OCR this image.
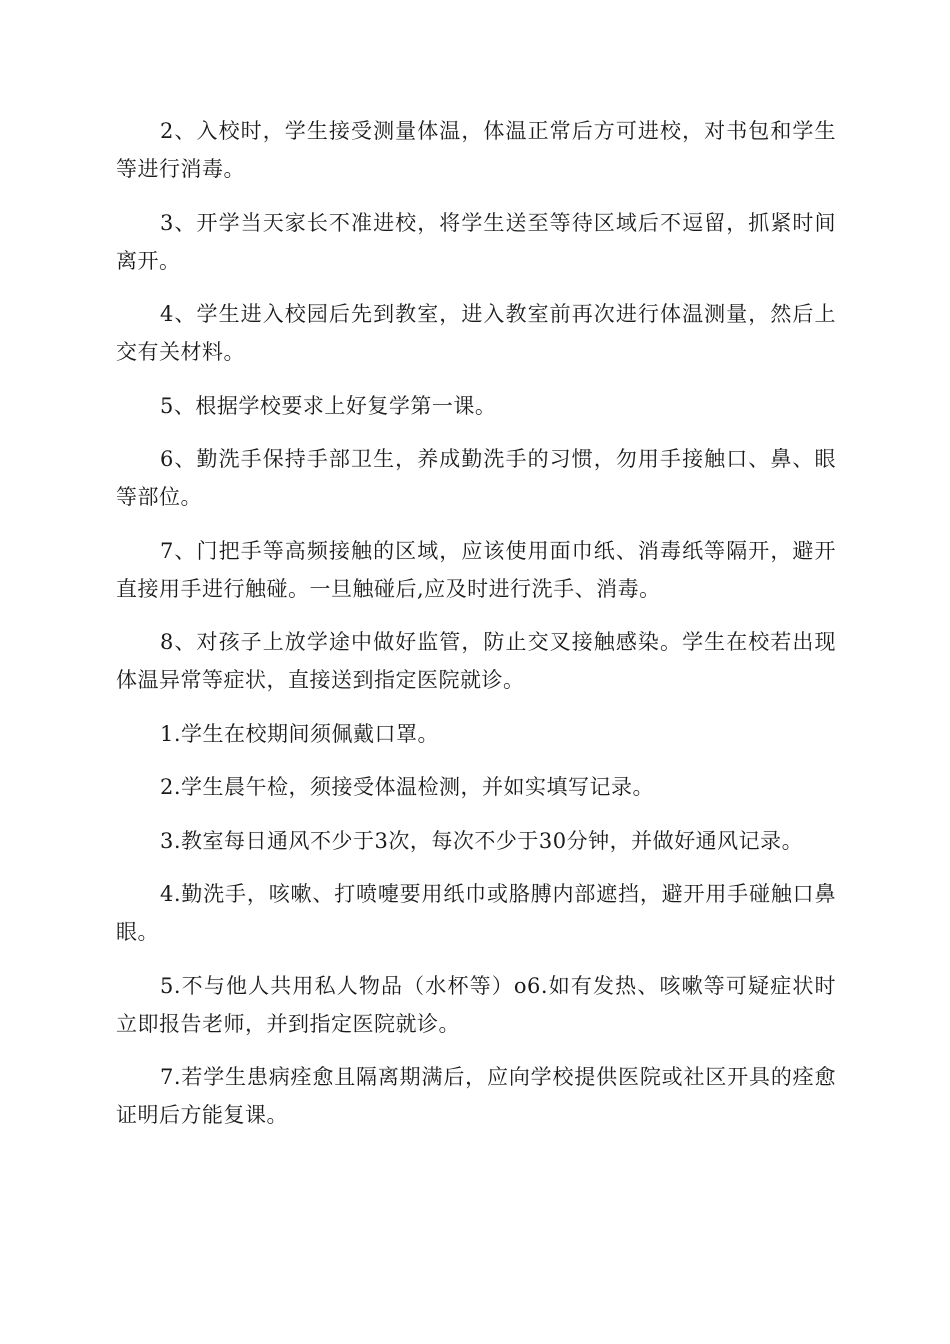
2、入校时，学生接受测量体温，体温正常后方可进校，对书包和学生等进行消毒。

3、开学当天家长不准进校，将学生送至等待区域后不逗留，抓紧时间离开。

4、学生进入校园后先到教室，进入教室前再次进行体温测量，然后上交有关材料。

5、根据学校要求上好复学第一课。

6、勤洗手保持手部卫生，养成勤洗手的习惯，勿用手接触口、鼻、眼等部位。

7、门把手等高频接触的区域，应该使用面巾纸、消毒纸等隔开，避开直接用手进行触碰。一旦触碰后,应及时进行洗手、消毒。

8、对孩子上放学途中做好监管，防止交叉接触感染。学生在校若出现体温异常等症状，直接送到指定医院就诊。

1.学生在校期间须佩戴口罩。

2.学生晨午检，须接受体温检测，并如实填写记录。

3.教室每日通风不少于3次，每次不少于30分钟，并做好通风记录。

4.勤洗手，咳嗽、打喷嚏要用纸巾或胳膊内部遮挡，避开用手碰触口鼻眼。

5.不与他人共用私人物品（水杯等）o6.如有发热、咳嗽等可疑症状时立即报告老师，并到指定医院就诊。

7.若学生患病痊愈且隔离期满后，应向学校提供医院或社区开具的痊愈证明后方能复课。
